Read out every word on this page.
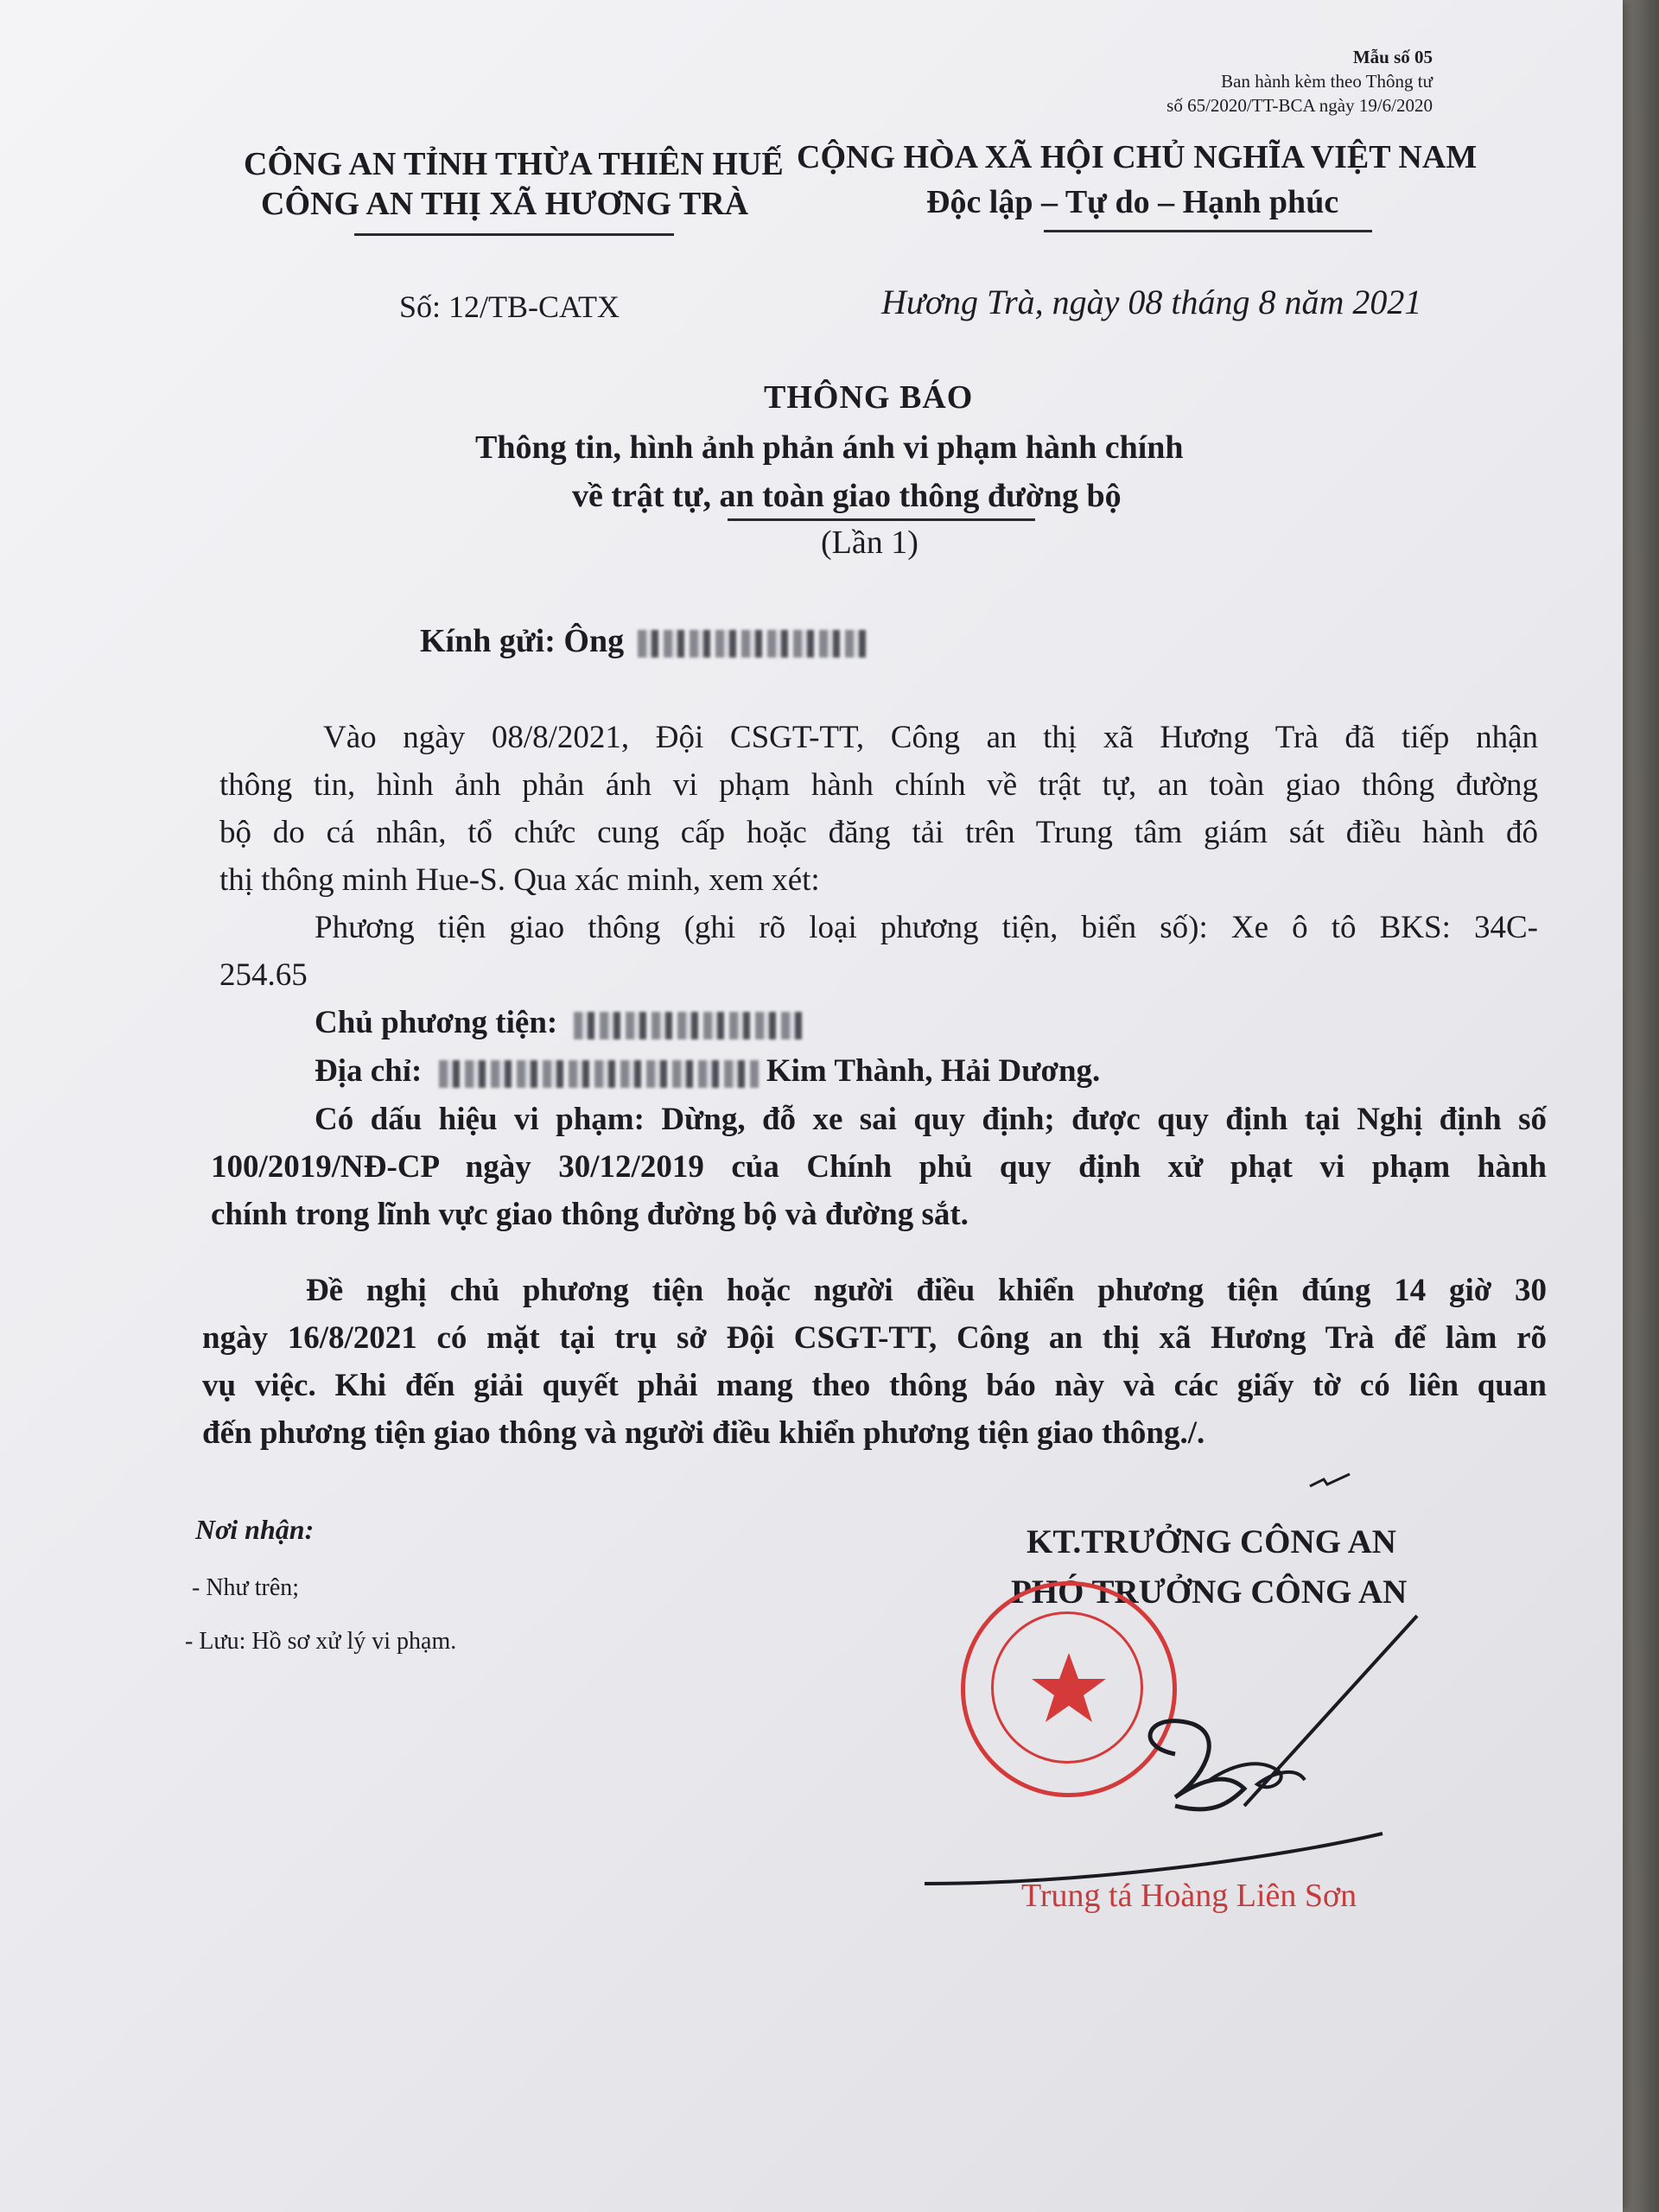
Mẫu số 05
Ban hành kèm theo Thông tư
số 65/2020/TT-BCA ngày 19/6/2020
CÔNG AN TỈNH THỪA THIÊN HUẾ
CÔNG AN THỊ XÃ HƯƠNG TRÀ
CỘNG HÒA XÃ HỘI CHỦ NGHĨA VIỆT NAM
Độc lập – Tự do – Hạnh phúc
Số: 12/TB-CATX	Hương Trà, ngày 08 tháng 8 năm 2021
THÔNG BÁO
Thông tin, hình ảnh phản ánh vi phạm hành chính
về trật tự, an toàn giao thông đường bộ
(Lần 1)
Kính gửi: Ông
Vào ngày 08/8/2021, Đội CSGT-TT, Công an thị xã Hương Trà đã tiếp nhận
thông tin, hình ảnh phản ánh vi phạm hành chính về trật tự, an toàn giao thông đường
bộ do cá nhân, tổ chức cung cấp hoặc đăng tải trên Trung tâm giám sát điều hành đô
thị thông minh Hue-S. Qua xác minh, xem xét:
Phương tiện giao thông (ghi rõ loại phương tiện, biển số): Xe ô tô BKS: 34C-
254.65
Chủ phương tiện:
Địa chỉ:	Kim Thành, Hải Dương.
Có dấu hiệu vi phạm: Dừng, đỗ xe sai quy định; được quy định tại Nghị định số
100/2019/NĐ-CP ngày 30/12/2019 của Chính phủ quy định xử phạt vi phạm hành
chính trong lĩnh vực giao thông đường bộ và đường sắt.
Đề nghị chủ phương tiện hoặc người điều khiển phương tiện đúng 14 giờ 30
ngày 16/8/2021 có mặt tại trụ sở Đội CSGT-TT, Công an thị xã Hương Trà để làm rõ
vụ việc. Khi đến giải quyết phải mang theo thông báo này và các giấy tờ có liên quan
đến phương tiện giao thông và người điều khiển phương tiện giao thông./.
Nơi nhận:
- Như trên;
- Lưu: Hồ sơ xử lý vi phạm.
KT.TRƯỞNG CÔNG AN
PHÓ TRƯỞNG CÔNG AN
Trung tá Hoàng Liên Sơn
